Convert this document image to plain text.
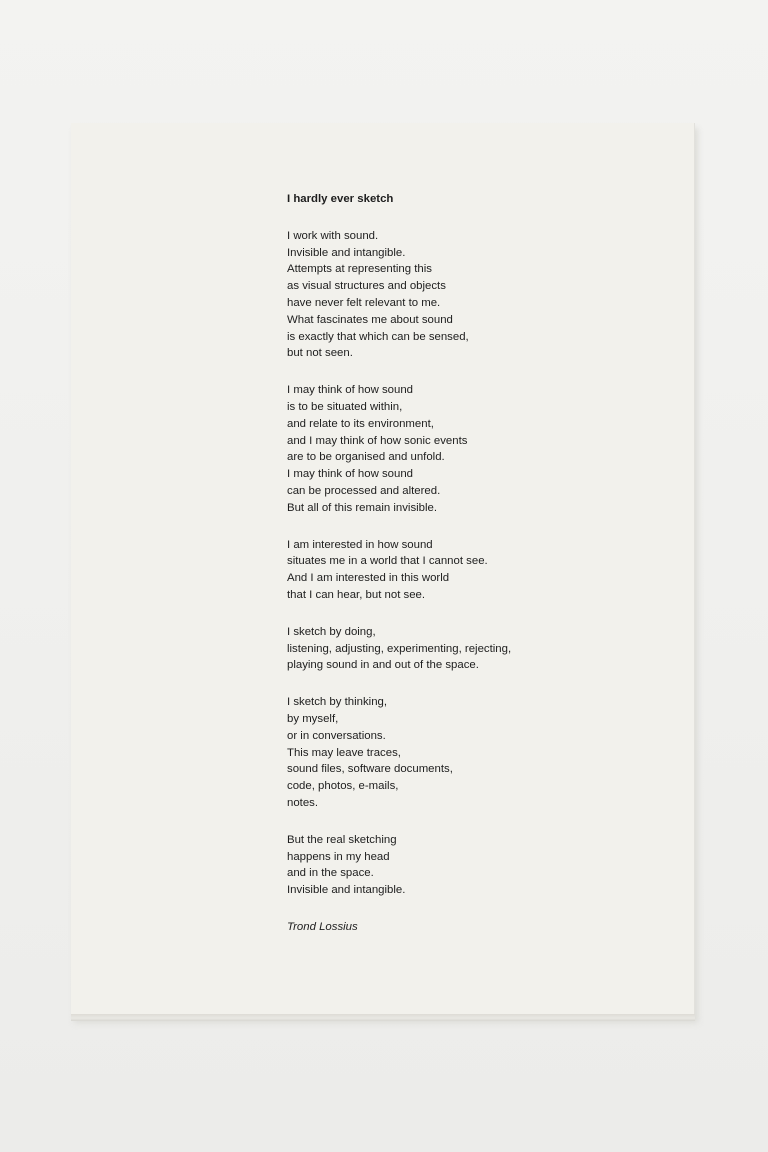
I hardly ever sketch
I work with sound.
Invisible and intangible.
Attempts at representing this
as visual structures and objects
have never felt relevant to me.
What fascinates me about sound
is exactly that which can be sensed,
but not seen.
I may think of how sound
is to be situated within,
and relate to its environment,
and I may think of how sonic events
are to be organised and unfold.
I may think of how sound
can be processed and altered.
But all of this remain invisible.
I am interested in how sound
situates me in a world that I cannot see.
And I am interested in this world
that I can hear, but not see.
I sketch by doing,
listening, adjusting, experimenting, rejecting,
playing sound in and out of the space.
I sketch by thinking,
by myself,
or in conversations.
This may leave traces,
sound files, software documents,
code, photos, e-mails,
notes.
But the real sketching
happens in my head
and in the space.
Invisible and intangible.
Trond Lossius
